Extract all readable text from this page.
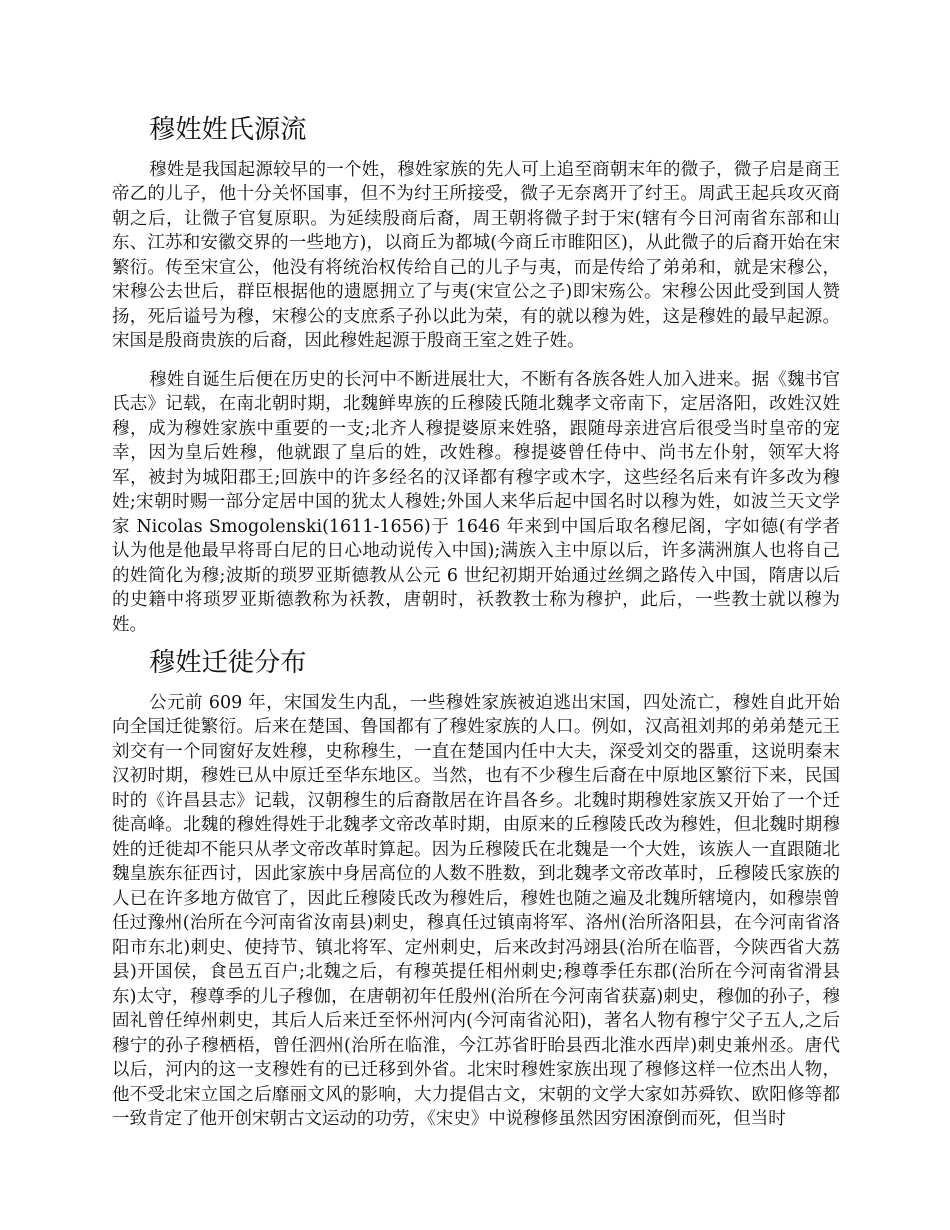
穆姓姓氏源流

穆姓是我国起源较早的一个姓，穆姓家族的先人可上追至商朝末年的微子，微子启是商王帝乙的儿子，他十分关怀国事，但不为纣王所接受，微子无奈离开了纣王。周武王起兵攻灭商朝之后，让微子官复原职。为延续殷商后裔，周王朝将微子封于宋(辖有今日河南省东部和山东、江苏和安徽交界的一些地方)，以商丘为都城(今商丘市睢阳区)，从此微子的后裔开始在宋繁衍。传至宋宣公，他没有将统治权传给自己的儿子与夷，而是传给了弟弟和，就是宋穆公，宋穆公去世后，群臣根据他的遗愿拥立了与夷(宋宣公之子)即宋殇公。宋穆公因此受到国人赞扬，死后谥号为穆，宋穆公的支庶系子孙以此为荣，有的就以穆为姓，这是穆姓的最早起源。宋国是殷商贵族的后裔，因此穆姓起源于殷商王室之姓子姓。

穆姓自诞生后便在历史的长河中不断进展壮大，不断有各族各姓人加入进来。据《魏书官氏志》记载，在南北朝时期，北魏鲜卑族的丘穆陵氏随北魏孝文帝南下，定居洛阳，改姓汉姓穆，成为穆姓家族中重要的一支;北齐人穆提婆原来姓骆，跟随母亲进宫后很受当时皇帝的宠幸，因为皇后姓穆，他就跟了皇后的姓，改姓穆。穆提婆曾任侍中、尚书左仆射，领军大将军，被封为城阳郡王;回族中的许多经名的汉译都有穆字或木字，这些经名后来有许多改为穆姓;宋朝时赐一部分定居中国的犹太人穆姓;外国人来华后起中国名时以穆为姓，如波兰天文学家 Nicolas Smogolenski(1611-1656)于 1646 年来到中国后取名穆尼阁，字如德(有学者认为他是他最早将哥白尼的日心地动说传入中国);满族入主中原以后，许多满洲旗人也将自己的姓简化为穆;波斯的琐罗亚斯德教从公元 6 世纪初期开始通过丝绸之路传入中国，隋唐以后的史籍中将琐罗亚斯德教称为袄教，唐朝时，袄教教士称为穆护，此后，一些教士就以穆为姓。

穆姓迁徙分布

公元前 609 年，宋国发生内乱，一些穆姓家族被迫逃出宋国，四处流亡，穆姓自此开始向全国迁徙繁衍。后来在楚国、鲁国都有了穆姓家族的人口。例如，汉高祖刘邦的弟弟楚元王刘交有一个同窗好友姓穆，史称穆生，一直在楚国内任中大夫，深受刘交的器重，这说明秦末汉初时期，穆姓已从中原迁至华东地区。当然，也有不少穆生后裔在中原地区繁衍下来，民国时的《许昌县志》记载，汉朝穆生的后裔散居在许昌各乡。北魏时期穆姓家族又开始了一个迁徙高峰。北魏的穆姓得姓于北魏孝文帝改革时期，由原来的丘穆陵氏改为穆姓，但北魏时期穆姓的迁徙却不能只从孝文帝改革时算起。因为丘穆陵氏在北魏是一个大姓，该族人一直跟随北魏皇族东征西讨，因此家族中身居高位的人数不胜数，到北魏孝文帝改革时，丘穆陵氏家族的人已在许多地方做官了，因此丘穆陵氏改为穆姓后，穆姓也随之遍及北魏所辖境内，如穆崇曾任过豫州(治所在今河南省汝南县)刺史，穆真任过镇南将军、洛州(治所洛阳县，在今河南省洛阳市东北)刺史、使持节、镇北将军、定州刺史，后来改封冯翊县(治所在临晋，今陕西省大荔县)开国侯，食邑五百户;北魏之后，有穆英提任相州刺史;穆尊季任东郡(治所在今河南省滑县东)太守，穆尊季的儿子穆伽，在唐朝初年任殷州(治所在今河南省获嘉)刺史，穆伽的孙子，穆固礼曾任绰州刺史，其后人后来迁至怀州河内(今河南省沁阳)，著名人物有穆宁父子五人,之后穆宁的孙子穆栖梧，曾任泗州(治所在临淮，今江苏省盱眙县西北淮水西岸)刺史兼州丞。唐代以后，河内的这一支穆姓有的已迁移到外省。北宋时穆姓家族出现了穆修这样一位杰出人物，他不受北宋立国之后靡丽文风的影响，大力提倡古文，宋朝的文学大家如苏舜钦、欧阳修等都一致肯定了他开创宋朝古文运动的功劳，《宋史》中说穆修虽然因穷困潦倒而死，但当时
